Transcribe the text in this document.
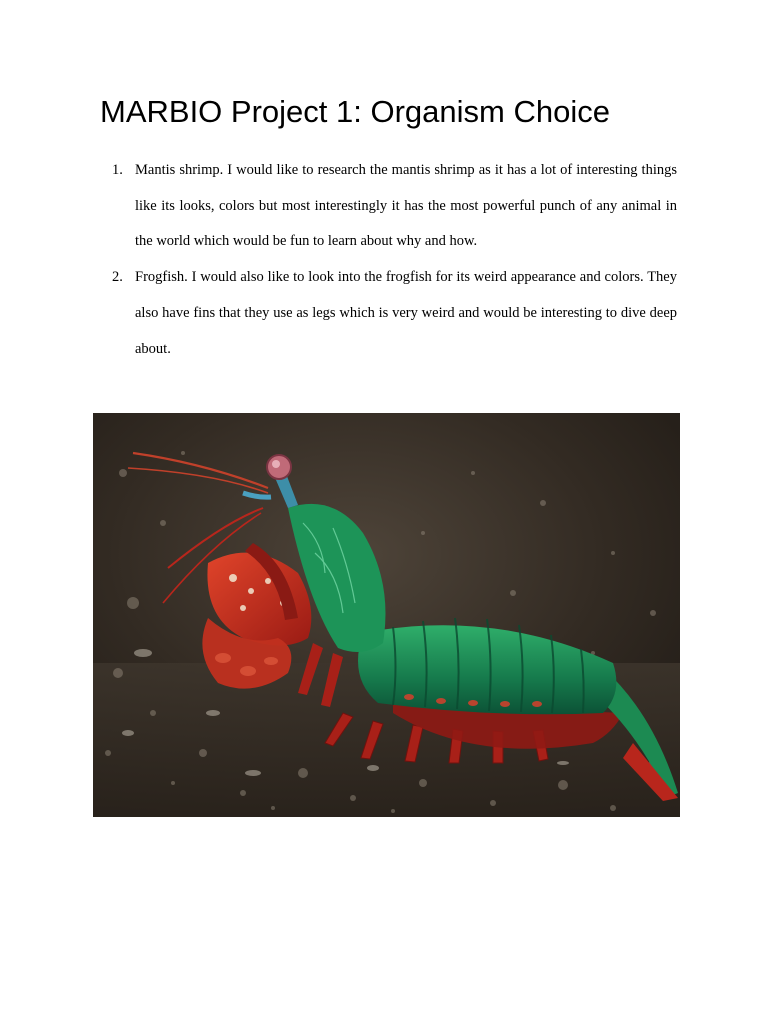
MARBIO Project 1: Organism Choice
1. Mantis shrimp. I would like to research the mantis shrimp as it has a lot of interesting things like its looks, colors but most interestingly it has the most powerful punch of any animal in the world which would be fun to learn about why and how.
2. Frogfish. I would also like to look into the frogfish for its weird appearance and colors. They also have fins that they use as legs which is very weird and would be interesting to dive deep about.
